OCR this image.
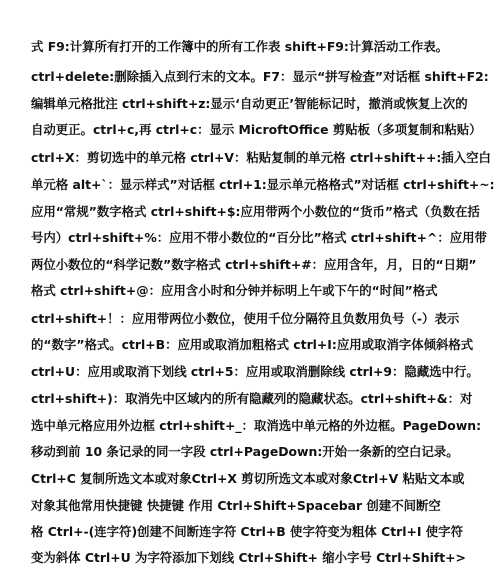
式 F9:计算所有打开的工作簿中的所有工作表 shift+F9:计算活动工作表。
ctrl+delete:删除插入点到行末的文本。F7：显示“拼写检查”对话框 shift+F2:
编辑单元格批注 ctrl+shift+z:显示‘自动更正’智能标记时，撤消或恢复上次的
自动更正。ctrl+c,再 ctrl+c：显示 MicroftOffice 剪贴板（多项复制和粘贴）
ctrl+X：剪切选中的单元格 ctrl+V：粘贴复制的单元格 ctrl+shift++:插入空白
单元格 alt+`：显示样式”对话框 ctrl+1:显示单元格格式”对话框 ctrl+shift+~:
应用“常规”数字格式 ctrl+shift+$:应用带两个小数位的“货币”格式（负数在括
号内）ctrl+shift+%：应用不带小数位的“百分比”格式 ctrl+shift+^：应用带
两位小数位的“科学记数”数字格式 ctrl+shift+#：应用含年，月，日的“日期”
格式 ctrl+shift+@：应用含小时和分钟并标明上午或下午的“时间”格式
ctrl+shift+！：应用带两位小数位，使用千位分隔符且负数用负号（-）表示
的“数字”格式。ctrl+B：应用或取消加粗格式 ctrl+I:应用或取消字体倾斜格式
ctrl+U：应用或取消下划线 ctrl+5：应用或取消删除线 ctrl+9：隐藏选中行。
ctrl+shift+)：取消先中区域内的所有隐藏列的隐藏状态。ctrl+shift+&：对
选中单元格应用外边框 ctrl+shift+_：取消选中单元格的外边框。PageDown:
移动到前 10 条记录的同一字段 ctrl+PageDown:开始一条新的空白记录。
Ctrl+C 复制所选文本或对象Ctrl+X 剪切所选文本或对象Ctrl+V 粘贴文本或
对象其他常用快捷键 快捷键 作用 Ctrl+Shift+Spacebar 创建不间断空
格 Ctrl+-(连字符)创建不间断连字符 Ctrl+B 使字符变为粗体 Ctrl+I 使字符
变为斜体 Ctrl+U 为字符添加下划线 Ctrl+Shift+ 缩小字号 Ctrl+Shift+>
